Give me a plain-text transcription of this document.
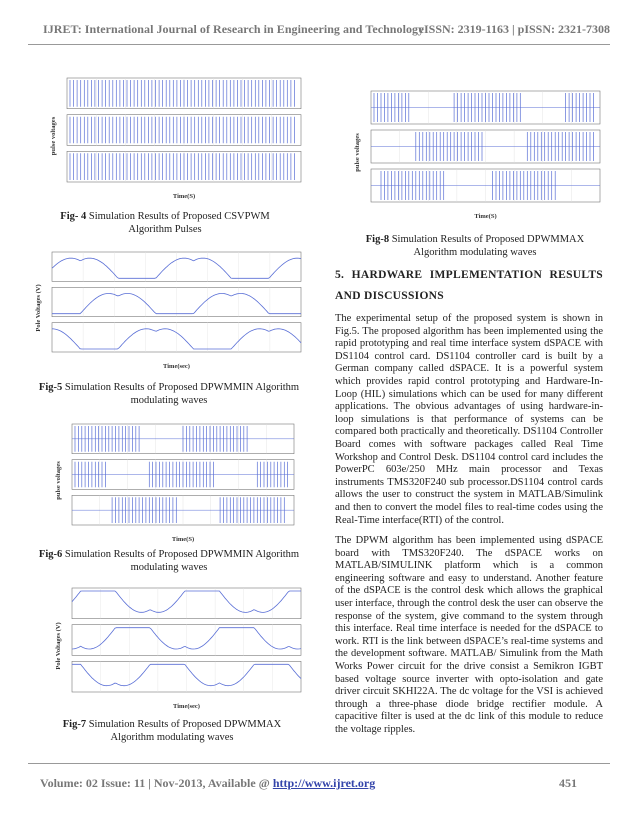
IJRET: International Journal of Research in Engineering and Technology
eISSN: 2319-1163 | pISSN: 2321-7308
pulse voltages
Time(S)
Fig- 4 Simulation Results of Proposed CSVPWM Algorithm Pulses
Pole Voltages (V)
Time(sec)
Fig-5 Simulation Results of Proposed DPWMMIN Algorithm modulating waves
pulse voltages
Time(S)
Fig-6 Simulation Results of Proposed DPWMMIN Algorithm modulating waves
Pole Voltages (V)
Time(sec)
Fig-7 Simulation Results of Proposed DPWMMAX Algorithm modulating waves
pulse voltages
Time(S)
Fig-8 Simulation Results of Proposed DPWMMAX Algorithm modulating waves
5. HARDWARE IMPLEMENTATION RESULTS AND DISCUSSIONS
The experimental setup of the proposed system is shown in Fig.5. The proposed algorithm has been implemented using the rapid prototyping and real time interface system dSPACE with DS1104 control card. DS1104 controller card is built by a German company called dSPACE. It is a powerful system which provides rapid control prototyping and Hardware-In-Loop (HIL) simulations which can be used for many different applications. The obvious advantages of using hardware-in-loop simulations is that performance of systems can be compared both practically and theoretically. DS1104 Controller Board comes with software packages called Real Time Workshop and Control Desk. DS1104 control card includes the PowerPC 603e/250 MHz main processor and Texas instruments TMS320F240 sub processor.DS1104 control cards allows the user to construct the system in MATLAB/Simulink and then to convert the model files to real-time codes using the Real-Time interface(RTI) of the control.
The DPWM algorithm has been implemented using dSPACE board with TMS320F240. The dSPACE works on MATLAB/SIMULINK platform which is a common engineering software and easy to understand. Another feature of the dSPACE is the control desk which allows the graphical user interface, through the control desk the user can observe the response of the system, give command to the system through this interface. Real time interface is needed for the dSPACE to work. RTI is the link between dSPACE’s real-time systems and the development software. MATLAB/ Simulink from the Math Works Power circuit for the drive consist a Semikron IGBT based voltage source inverter with opto-isolation and gate driver circuit SKHI22A. The dc voltage for the VSI is achieved through a three-phase diode bridge rectifier module. A capacitive filter is used at the dc link of this module to reduce the voltage ripples.
Volume: 02 Issue: 11 | Nov-2013, Available @ http://www.ijret.org	451
